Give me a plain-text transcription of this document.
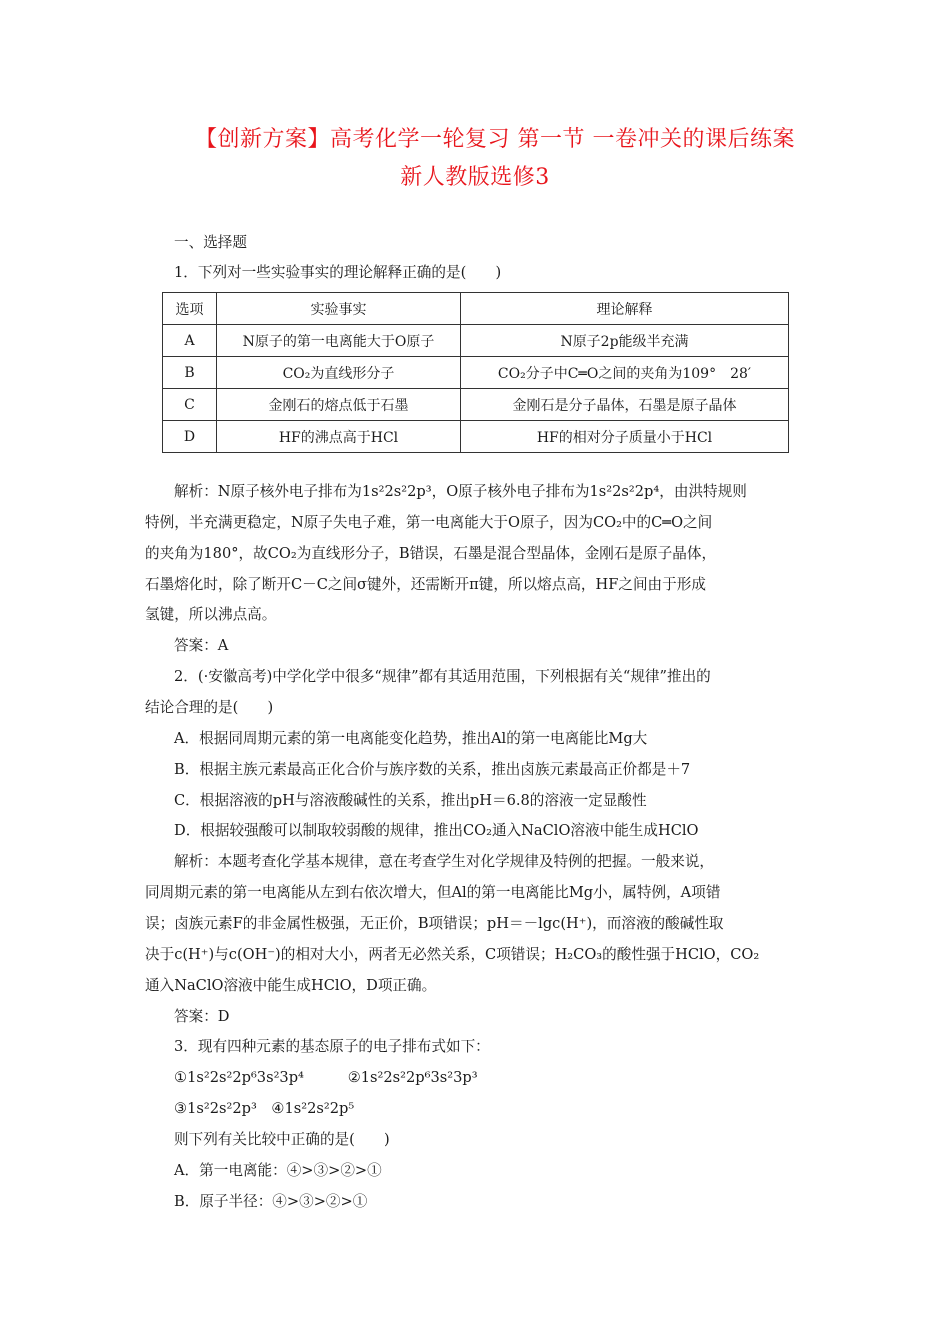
【创新方案】高考化学一轮复习 第一节 一卷冲关的课后练案
新人教版选修3
一、选择题
1．下列对一些实验事实的理论解释正确的是(　　)
选项	实验事实	理论解释
A	N原子的第一电离能大于O原子	N原子2p能级半充满
B	CO₂为直线形分子	CO₂分子中C═O之间的夹角为109°　28′
C	金刚石的熔点低于石墨	金刚石是分子晶体，石墨是原子晶体
D	HF的沸点高于HCl	HF的相对分子质量小于HCl
解析：N原子核外电子排布为1s²2s²2p³，O原子核外电子排布为1s²2s²2p⁴，由洪特规则
特例，半充满更稳定，N原子失电子难，第一电离能大于O原子，因为CO₂中的C═O之间
的夹角为180°，故CO₂为直线形分子，B错误，石墨是混合型晶体，金刚石是原子晶体，
石墨熔化时，除了断开C－C之间σ键外，还需断开π键，所以熔点高，HF之间由于形成
氢键，所以沸点高。
答案：A
2．(·安徽高考)中学化学中很多“规律”都有其适用范围，下列根据有关“规律”推出的
结论合理的是(　　)
A．根据同周期元素的第一电离能变化趋势，推出Al的第一电离能比Mg大
B．根据主族元素最高正化合价与族序数的关系，推出卤族元素最高正价都是＋7
C．根据溶液的pH与溶液酸碱性的关系，推出pH＝6.8的溶液一定显酸性
D．根据较强酸可以制取较弱酸的规律，推出CO₂通入NaClO溶液中能生成HClO
解析：本题考查化学基本规律，意在考查学生对化学规律及特例的把握。一般来说，
同周期元素的第一电离能从左到右依次增大，但Al的第一电离能比Mg小，属特例，A项错
误；卤族元素F的非金属性极强，无正价，B项错误；pH＝－lgc(H⁺)，而溶液的酸碱性取
决于c(H⁺)与c(OH⁻)的相对大小，两者无必然关系，C项错误；H₂CO₃的酸性强于HClO，CO₂
通入NaClO溶液中能生成HClO，D项正确。
答案：D
3．现有四种元素的基态原子的电子排布式如下：
①1s²2s²2p⁶3s²3p⁴　　　②1s²2s²2p⁶3s²3p³
③1s²2s²2p³　④1s²2s²2p⁵
则下列有关比较中正确的是(　　)
A．第一电离能：④>③>②>①
B．原子半径：④>③>②>①
